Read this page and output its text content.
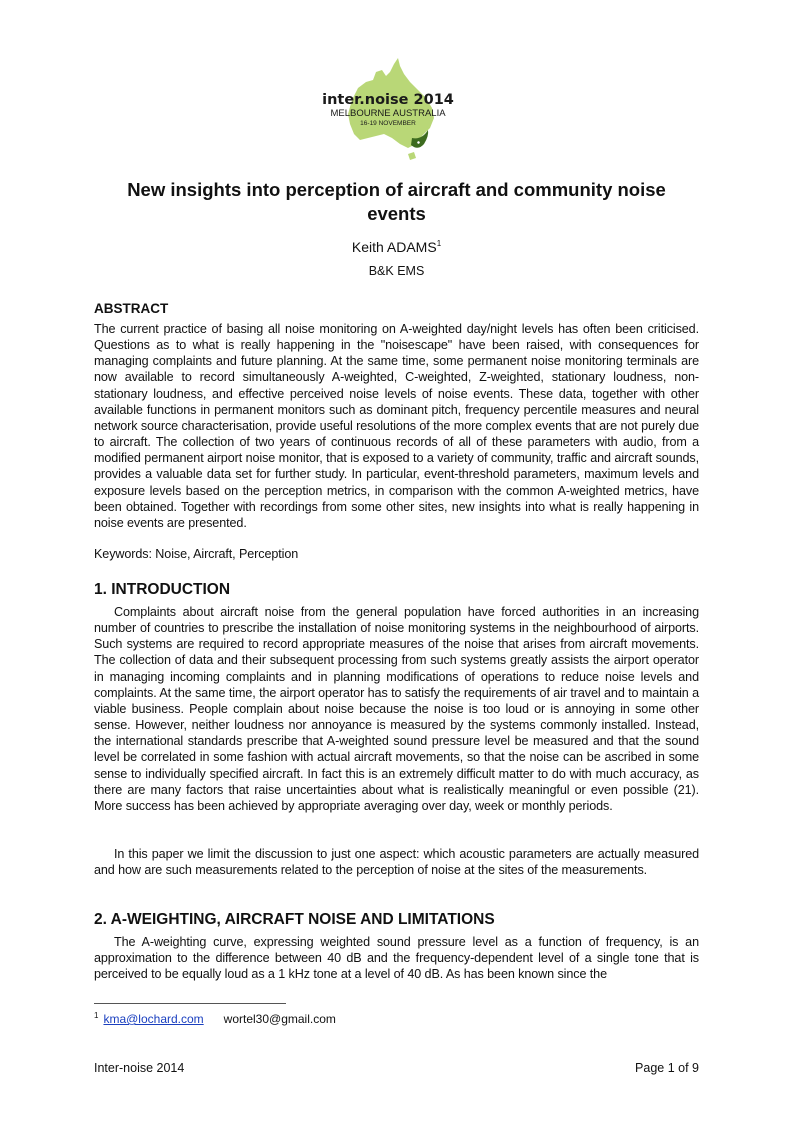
inter.noise 2014
MELBOURNE AUSTRALIA
16-19 NOVEMBER
New insights into perception of aircraft and community noise events
Keith ADAMS$^1$
B&K EMS
ABSTRACT

The current practice of basing all noise monitoring on A-weighted day/night levels has often been criticised. Questions as to what is really happening in the "noisescape" have been raised, with consequences for managing complaints and future planning. At the same time, some permanent noise monitoring terminals are now available to record simultaneously A-weighted, C-weighted, Z-weighted, stationary loudness, non-stationary loudness, and effective perceived noise levels of noise events. These data, together with other available functions in permanent monitors such as dominant pitch, frequency percentile measures and neural network source characterisation, provide useful resolutions of the more complex events that are not purely due to aircraft. The collection of two years of continuous records of all of these parameters with audio, from a modified permanent airport noise monitor, that is exposed to a variety of community, traffic and aircraft sounds, provides a valuable data set for further study. In particular, event-threshold parameters, maximum levels and exposure levels based on the perception metrics, in comparison with the common A-weighted metrics, have been obtained. Together with recordings from some other sites, new insights into what is really happening in noise events are presented.

Keywords: Noise, Aircraft, Perception

1. INTRODUCTION

Complaints about aircraft noise from the general population have forced authorities in an increasing number of countries to prescribe the installation of noise monitoring systems in the neighbourhood of airports. Such systems are required to record appropriate measures of the noise that arises from aircraft movements. The collection of data and their subsequent processing from such systems greatly assists the airport operator in managing incoming complaints and in planning modifications of operations to reduce noise levels and complaints. At the same time, the airport operator has to satisfy the requirements of air travel and to maintain a viable business. People complain about noise because the noise is too loud or is annoying in some other sense. However, neither loudness nor annoyance is measured by the systems commonly installed. Instead, the international standards prescribe that A-weighted sound pressure level be measured and that the sound level be correlated in some fashion with actual aircraft movements, so that the noise can be ascribed in some sense to individually specified aircraft. In fact this is an extremely difficult matter to do with much accuracy, as there are many factors that raise uncertainties about what is realistically meaningful or even possible (21). More success has been achieved by appropriate averaging over day, week or monthly periods.

In this paper we limit the discussion to just one aspect: which acoustic parameters are actually measured and how are such measurements related to the perception of noise at the sites of the measurements.

2. A-WEIGHTING, AIRCRAFT NOISE AND LIMITATIONS

The A-weighting curve, expressing weighted sound pressure level as a function of frequency, is an approximation to the difference between 40 dB and the frequency-dependent level of a single tone that is perceived to be equally loud as a 1 kHz tone at a level of 40 dB. As has been known since the

$^1$ kma@lochard.com wortel30@gmail.com
Inter-noise 2014	Page 1 of 9
